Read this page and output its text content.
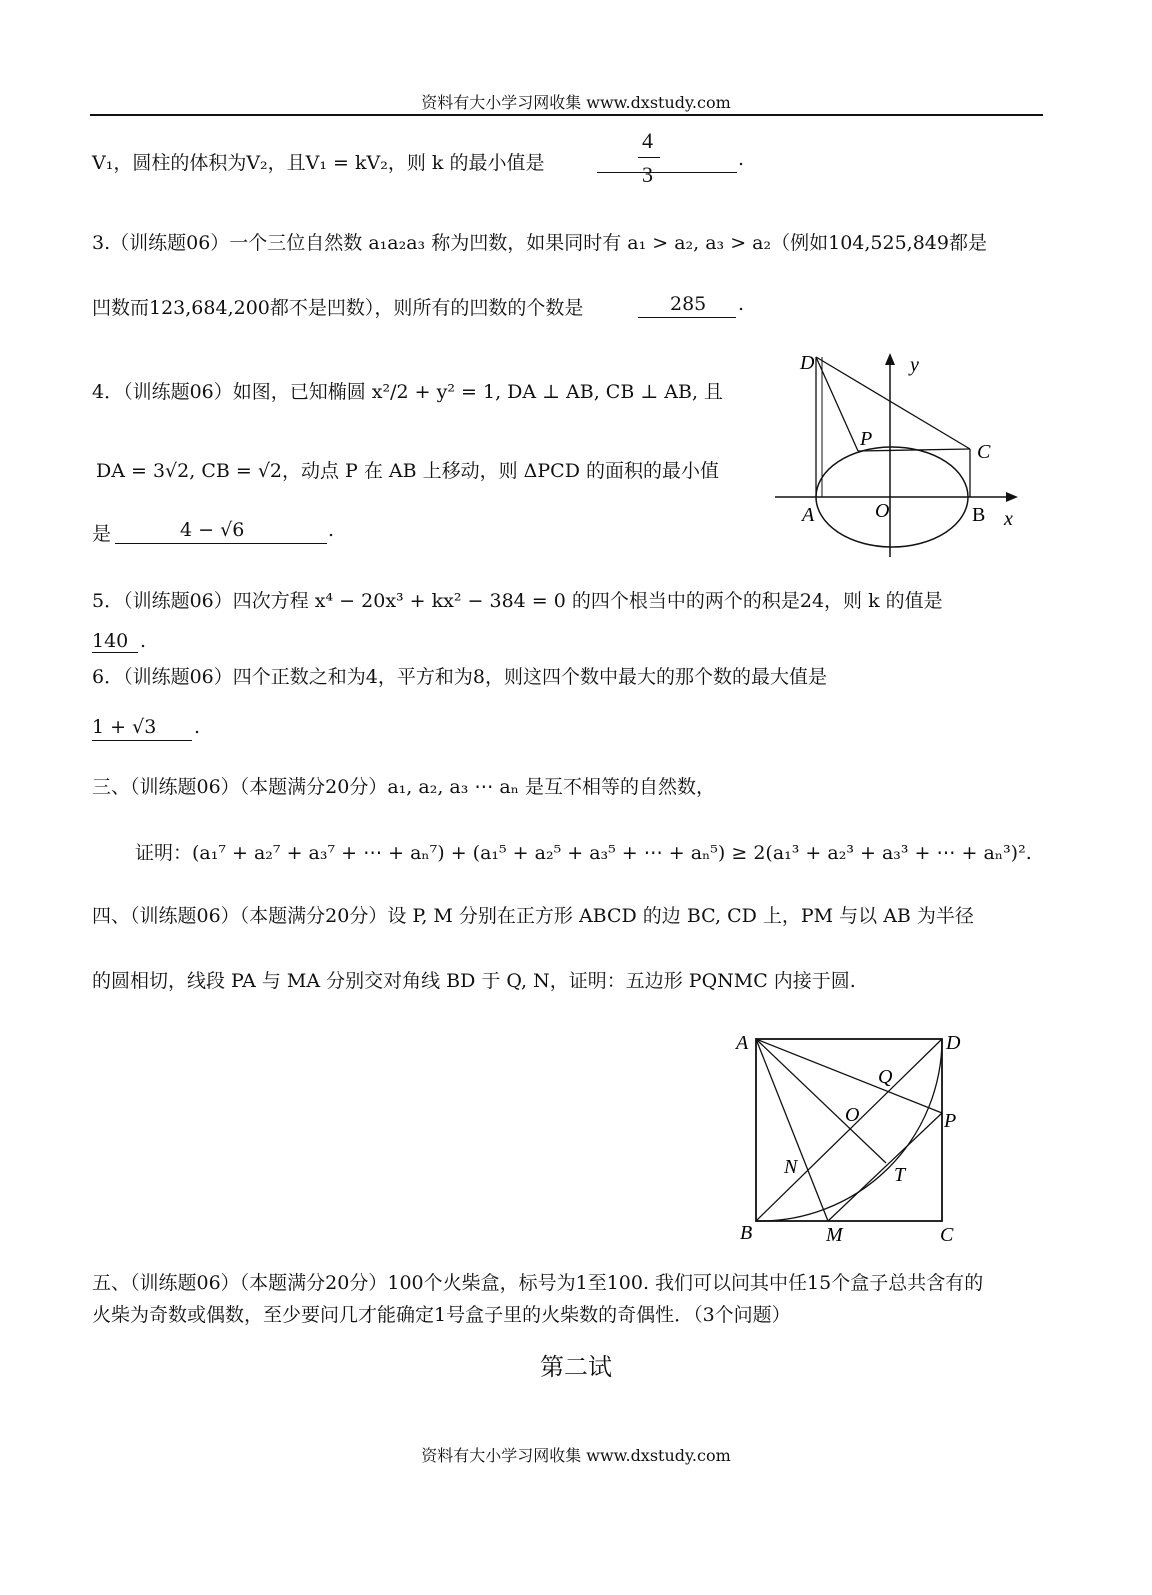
资料有大小学习网收集 www.dxstudy.com
V₁，圆柱的体积为V₂，且V₁ = kV₂，则 k 的最小值是
4
3
.
3.（训练题06）一个三位自然数 a₁a₂a₃ 称为凹数，如果同时有 a₁ > a₂, a₃ > a₂（例如104,525,849都是
凹数而123,684,200都不是凹数），则所有的凹数的个数是	285 .
4．（训练题06）如图，已知椭圆 x²/2 + y² = 1, DA ⊥ AB, CB ⊥ AB, 且
DA = 3√2, CB = √2，动点 P 在 AB 上移动，则 ΔPCD 的面积的最小值
是	4 − √6	.
D	y
P
C
A	O	B x
5．（训练题06）四次方程 x⁴ − 20x³ + kx² − 384 = 0 的四个根当中的两个的积是24，则 k 的值是
140 .
6．（训练题06）四个正数之和为4，平方和为8，则这四个数中最大的那个数的最大值是
1 + √3 .
三、（训练题06）（本题满分20分）a₁, a₂, a₃ ⋯ aₙ 是互不相等的自然数，
证明：(a₁⁷ + a₂⁷ + a₃⁷ + ⋯ + aₙ⁷) + (a₁⁵ + a₂⁵ + a₃⁵ + ⋯ + aₙ⁵) ≥ 2(a₁³ + a₂³ + a₃³ + ⋯ + aₙ³)².
四、（训练题06）（本题满分20分）设 P, M 分别在正方形 ABCD 的边 BC, CD 上，PM 与以 AB 为半径
的圆相切，线段 PA 与 MA 分别交对角线 BD 于 Q, N，证明：五边形 PQNMC 内接于圆.
A	D
Q
O	P
N	T
B	M	C
五、（训练题06）（本题满分20分）100个火柴盒，标号为1至100. 我们可以问其中任15个盒子总共含有的
火柴为奇数或偶数，至少要问几才能确定1号盒子里的火柴数的奇偶性．（3个问题）
第二试
资料有大小学习网收集 www.dxstudy.com
